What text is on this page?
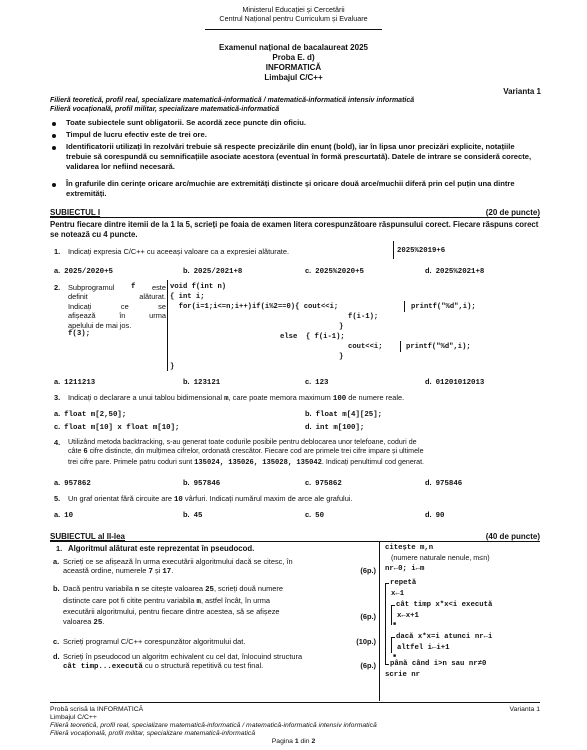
Ministerul Educației și Cercetării
Centrul Național pentru Curriculum și Evaluare
Examenul național de bacalaureat 2025
Proba E. d)
INFORMATICĂ
Limbajul C/C++
Varianta 1
Filieră teoretică, profil real, specializare matematică-informatică / matematică-informatică intensiv informatică
Filieră vocațională, profil militar, specializare matematică-informatică
Toate subiectele sunt obligatorii. Se acordă zece puncte din oficiu.
Timpul de lucru efectiv este de trei ore.
Identificatorii utilizați în rezolvări trebuie să respecte precizările din enunț (bold), iar în lipsa unor precizări explicite, notațiile trebuie să corespundă cu semnificațiile asociate acestora (eventual în formă prescurtată). Datele de intrare se consideră corecte, validarea lor nefiind necesară.
În grafurile din cerințe oricare arc/muchie are extremități distincte și oricare două arce/muchii diferă prin cel puțin una dintre extremități.
SUBIECTUL I	(20 de puncte)
Pentru fiecare dintre itemii de la 1 la 5, scrieți pe foaia de examen litera corespunzătoare răspunsului corect. Fiecare răspuns corect se notează cu 4 puncte.
1. Indicați expresia C/C++ cu aceeași valoare ca a expresiei alăturate.	2025%2019+6
a. 2025/2020+5	b. 2025/2021+8	c. 2025%2020+5	d. 2025%2021+8
2. Subprogramul f este
definit	alăturat.
Indicați	ce	se
afișează	în	urma
apelului de mai jos.
f(3);
void f(int n)
{ int i;
for(i=1;i<=n;i++)if(i%2==0){ cout<<i;	printf("%d",i);
f(i-1);
}
else  { f(i-1);
cout<<i;	printf("%d",i);
}
}
a. 1211213	b. 123121	c. 123	d. 01201012013
3. Indicați o declarare a unui tablou bidimensional m, care poate memora maximum 100 de numere reale.
a. float m[2,50];	b. float m[4][25];
c. float m[10] x float m[10];	d. int m[100];
4. Utilizând metoda backtracking, s-au generat toate codurile posibile pentru deblocarea unor telefoane, coduri de
câte 6 cifre distincte, din mulțimea cifrelor, ordonată crescător. Fiecare cod are primele trei cifre impare și ultimele
trei cifre pare. Primele patru coduri sunt 135024, 135026, 135028, 135042. Indicați penultimul cod generat.
a. 957862	b. 957846	c. 975862	d. 975846
5. Un graf orientat fără circuite are 10 vârfuri. Indicați numărul maxim de arce ale grafului.
a. 10	b. 45	c. 50	d. 90
SUBIECTUL al II-lea	(40 de puncte)
1. Algoritmul alăturat este reprezentat în pseudocod.
a. Scrieți ce se afișează în urma executării algoritmului dacă se citesc, în
această ordine, numerele 7 și 17.	(6p.)
b. Dacă pentru variabila n se citește valoarea 25, scrieți două numere
distincte care pot fi citite pentru variabila m, astfel încât, în urma
executării algoritmului, pentru fiecare dintre acestea, să se afișeze
valoarea 25.
(6p.)
c. Scrieți programul C/C++ corespunzător algoritmului dat.	(10p.)
d. Scrieți în pseudocod un algoritm echivalent cu cel dat, înlocuind structura
cât timp...execută cu o structură repetitivă cu test final.	(6p.)
citește m,n
(numere naturale nenule, m≤n)
nr←0; i←m
repetă
x←1
cât timp x*x<i execută
x←x+1
■
dacă x*x=i atunci nr←i
altfel i←i+1
■
până când i>n sau nr≠0
scrie nr
Probă scrisă la INFORMATICĂ	Varianta 1
Limbajul C/C++
Filieră teoretică, profil real, specializare matematică-informatică / matematică-informatică intensiv informatică
Filieră vocațională, profil militar, specializare matematică-informatică
Pagina 1 din 2
